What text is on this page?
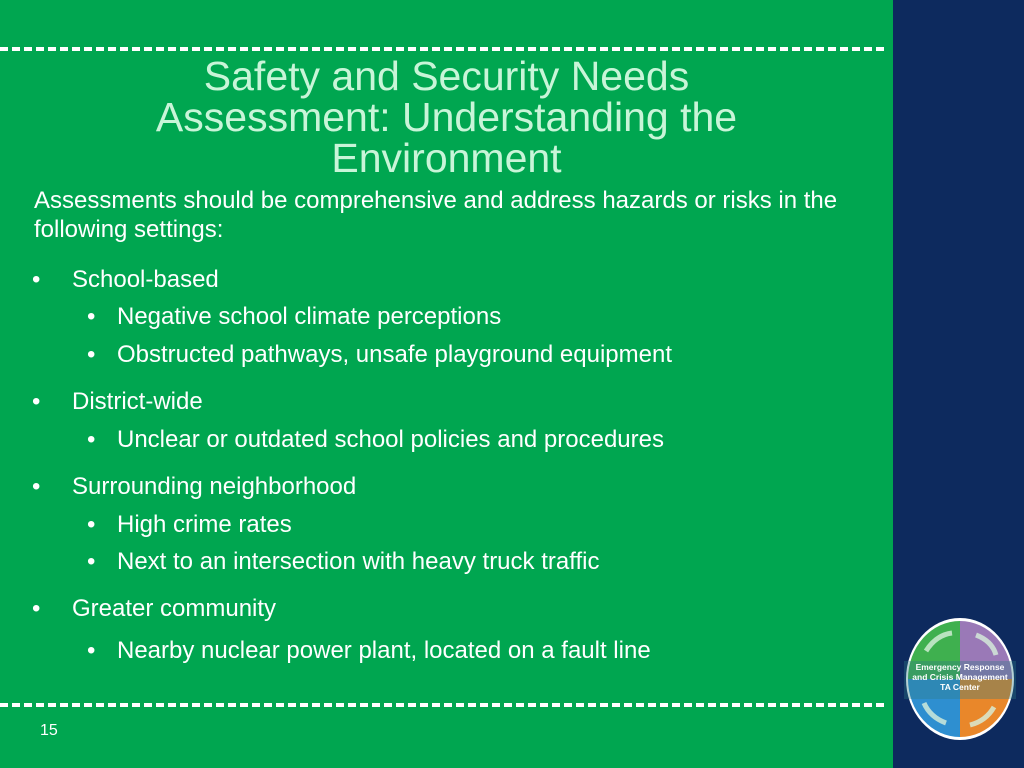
Safety and Security Needs
Assessment: Understanding the
Environment

Assessments should be comprehensive and address hazards or risks in the following settings:

• School-based
• Negative school climate perceptions
• Obstructed pathways, unsafe playground equipment
• District-wide
• Unclear or outdated school policies and procedures
• Surrounding neighborhood
• High crime rates
• Next to an intersection with heavy truck traffic
• Greater community
• Nearby nuclear power plant, located on a fault line
15
Emergency Response
and Crisis Management
TA Center
